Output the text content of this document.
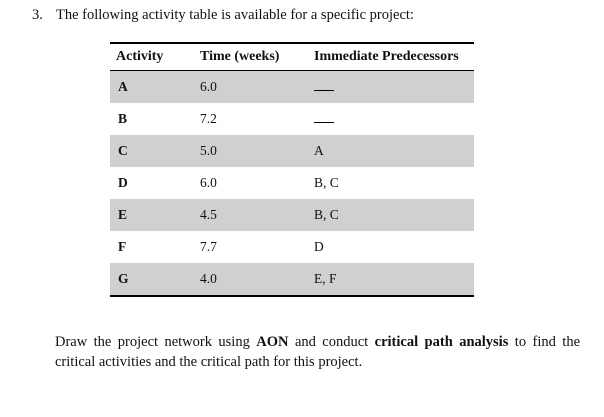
3. The following activity table is available for a specific project:
Activity	Time (weeks)	Immediate Predecessors
A	6.0
B	7.2
C	5.0	A
D	6.0	B, C
E	4.5	B, C
F	7.7	D
G	4.0	E, F
Draw the project network using AON and conduct critical path analysis to find the critical activities and the critical path for this project.
